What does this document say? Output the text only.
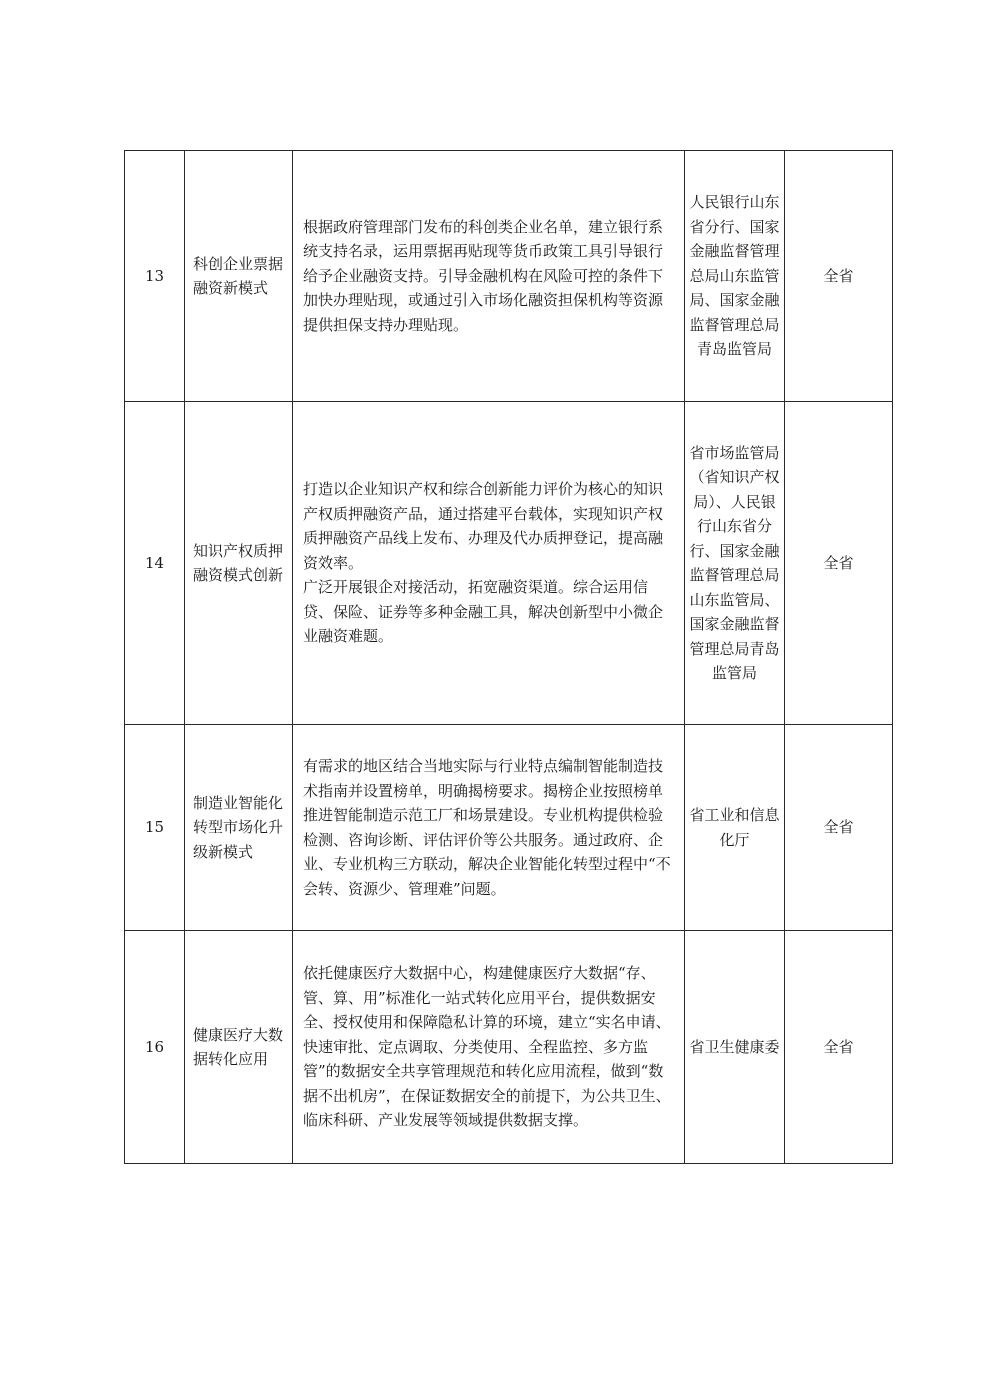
13	科创企业票据融资新模式	根据政府管理部门发布的科创类企业名单，建立银行系统支持名录，运用票据再贴现等货币政策工具引导银行给予企业融资支持。引导金融机构在风险可控的条件下加快办理贴现，或通过引入市场化融资担保机构等资源提供担保支持办理贴现。	人民银行山东省分行、国家金融监督管理总局山东监管局、国家金融监督管理总局青岛监管局	全省
14	知识产权质押融资模式创新	打造以企业知识产权和综合创新能力评价为核心的知识产权质押融资产品，通过搭建平台载体，实现知识产权质押融资产品线上发布、办理及代办质押登记，提高融资效率。
广泛开展银企对接活动，拓宽融资渠道。综合运用信贷、保险、证券等多种金融工具，解决创新型中小微企业融资难题。	省市场监管局（省知识产权局）、人民银行山东省分行、国家金融监督管理总局山东监管局、国家金融监督管理总局青岛监管局	全省
15	制造业智能化转型市场化升级新模式	有需求的地区结合当地实际与行业特点编制智能制造技术指南并设置榜单，明确揭榜要求。揭榜企业按照榜单推进智能制造示范工厂和场景建设。专业机构提供检验检测、咨询诊断、评估评价等公共服务。通过政府、企业、专业机构三方联动，解决企业智能化转型过程中“不会转、资源少、管理难”问题。	省工业和信息化厅	全省
16	健康医疗大数据转化应用	依托健康医疗大数据中心，构建健康医疗大数据“存、管、算、用”标准化一站式转化应用平台，提供数据安全、授权使用和保障隐私计算的环境，建立“实名申请、快速审批、定点调取、分类使用、全程监控、多方监管”的数据安全共享管理规范和转化应用流程，做到“数据不出机房”，在保证数据安全的前提下，为公共卫生、临床科研、产业发展等领域提供数据支撑。	省卫生健康委	全省
